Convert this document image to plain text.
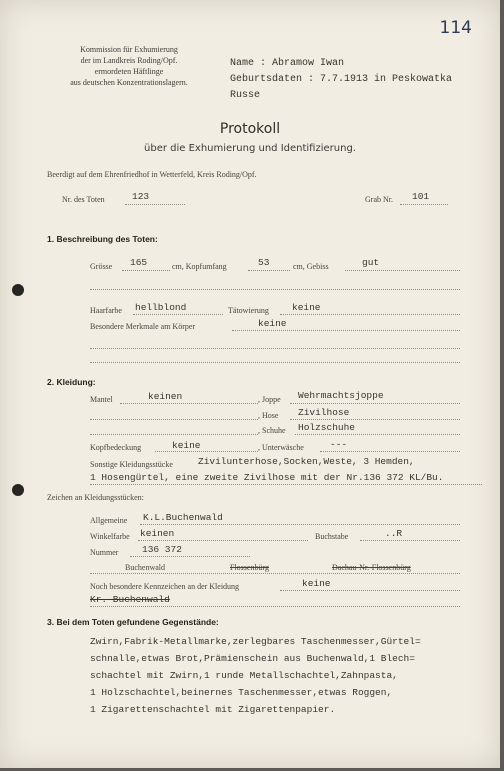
114
Kommission für Exhumierung
der im Landkreis Roding/Opf.
ermordeten Häftlinge
aus deutschen Konzentrationslagern.
Name : Abramow Iwan
Geburtsdaten : 7.7.1913 in Peskowatka
Russe
Protokoll
über die Exhumierung und Identifizierung.
Beerdigt auf dem Ehrenfriedhof in Wetterfeld, Kreis Roding/Opf.
Nr. des Toten	123	Grab Nr. 101
1. Beschreibung des Toten:
Grösse 165	cm, Kopfumfang	53	cm, Gebiss	gut
Haarfarbe hellblond	Tätowierung keine
Besondere Merkmale am Körper	keine
2. Kleidung:
Mantel	keinen	, Joppe Wehrmachtsjoppe
, Hose Zivilhose
, Schuhe Holzschuhe
Kopfbedeckung	keine	, Unterwäsche	---
Sonstige Kleidungsstücke	Zivilunterhose,Socken,Weste, 3 Hemden,
1 Hosengürtel, eine zweite Zivilhose mit der Nr.136 372 KL/Bu.
Zeichen an Kleidungsstücken:
Allgemeine K.L.Buchenwald
Winkelfarbe keinen	Buchstabe	..R
Nummer 136 372
Buchenwald	Flossenbürg	Dachau-Nr.-Flossenbürg
Noch besondere Kennzeichen an der Kleidung	keine
Kr.-Buchenwald
3. Bei dem Toten gefundene Gegenstände:
Zwirn,Fabrik-Metallmarke,zerlegbares Taschenmesser,Gürtel=
schnalle,etwas Brot,Prämienschein aus Buchenwald,1 Blech=
schachtel mit Zwirn,1 runde Metallschachtel,Zahnpasta,
1 Holzschachtel,beinernes Taschenmesser,etwas Roggen,
1 Zigarettenschachtel mit Zigarettenpapier.
